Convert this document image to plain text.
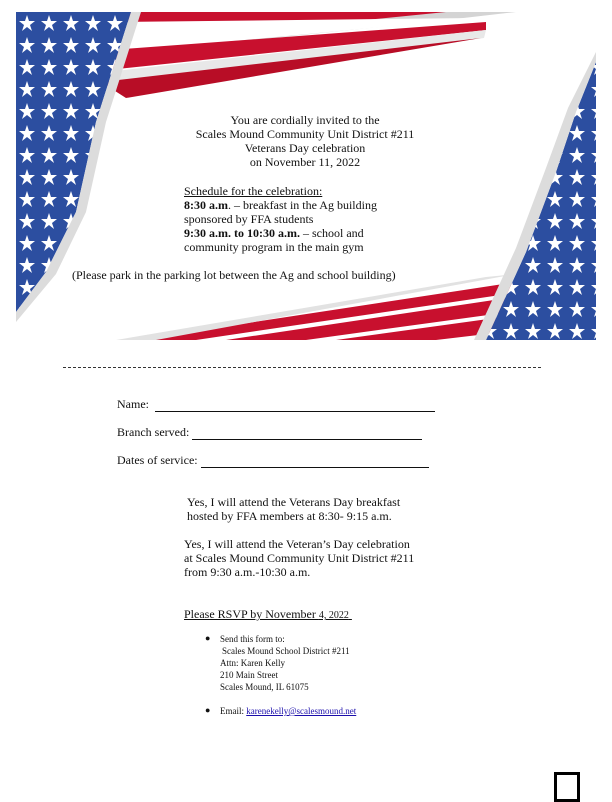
You are cordially invited to the
Scales Mound Community Unit District #211
Veterans Day celebration
on November 11, 2022
Schedule for the celebration:
8:30 a.m. – breakfast in the Ag building
sponsored by FFA students
9:30 a.m. to 10:30 a.m. – school and
community program in the main gym
(Please park in the parking lot between the Ag and school building)
Name:
Branch served:
Dates of service:
Yes, I will attend the Veterans Day breakfast
hosted by FFA members at 8:30- 9:15 a.m.
Yes, I will attend the Veteran’s Day celebration
at Scales Mound Community Unit District #211
from 9:30 a.m.-10:30 a.m.
Please RSVP by November 4, 2022
● Send this form to:
Scales Mound School District #211
Attn: Karen Kelly
210 Main Street
Scales Mound, IL 61075
● Email: karenekelly@scalesmound.net
